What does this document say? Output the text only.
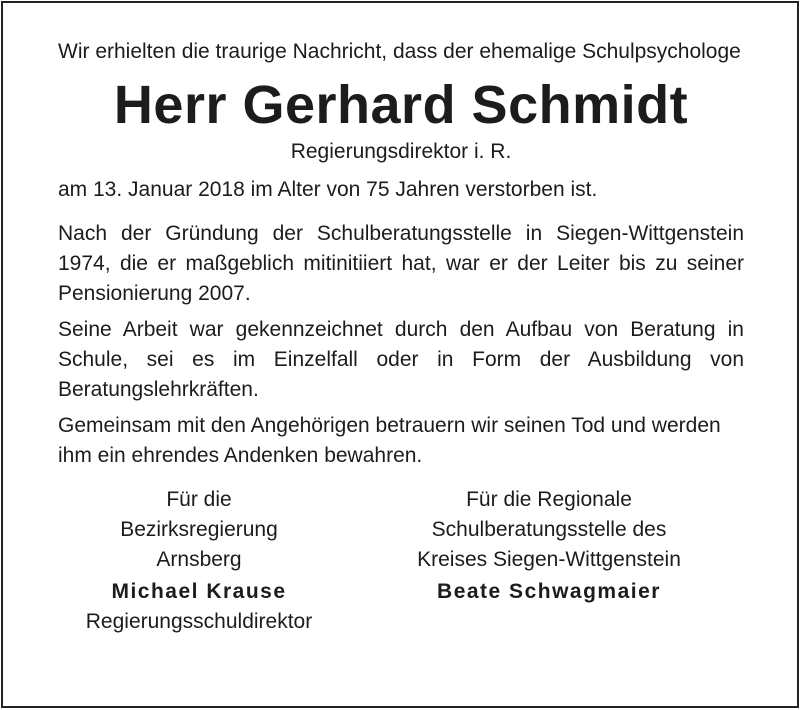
Wir erhielten die traurige Nachricht, dass der ehemalige Schulpsychologe

Herr Gerhard Schmidt

Regierungsdirektor i. R.

am 13. Januar 2018 im Alter von 75 Jahren verstorben ist.

Nach der Gründung der Schulberatungsstelle in Siegen-Wittgenstein 1974, die er maßgeblich mitinitiiert hat, war er der Leiter bis zu seiner Pensionierung 2007.

Seine Arbeit war gekennzeichnet durch den Aufbau von Beratung in Schule, sei es im Einzelfall oder in Form der Ausbildung von Beratungslehrkräften.

Gemeinsam mit den Angehörigen betrauern wir seinen Tod und werden ihm ein ehrendes Andenken bewahren.

Für die
Bezirksregierung
Arnsberg
Michael Krause
Regierungsschuldirektor
Für die Regionale
Schulberatungsstelle des
Kreises Siegen-Wittgenstein
Beate Schwagmaier
